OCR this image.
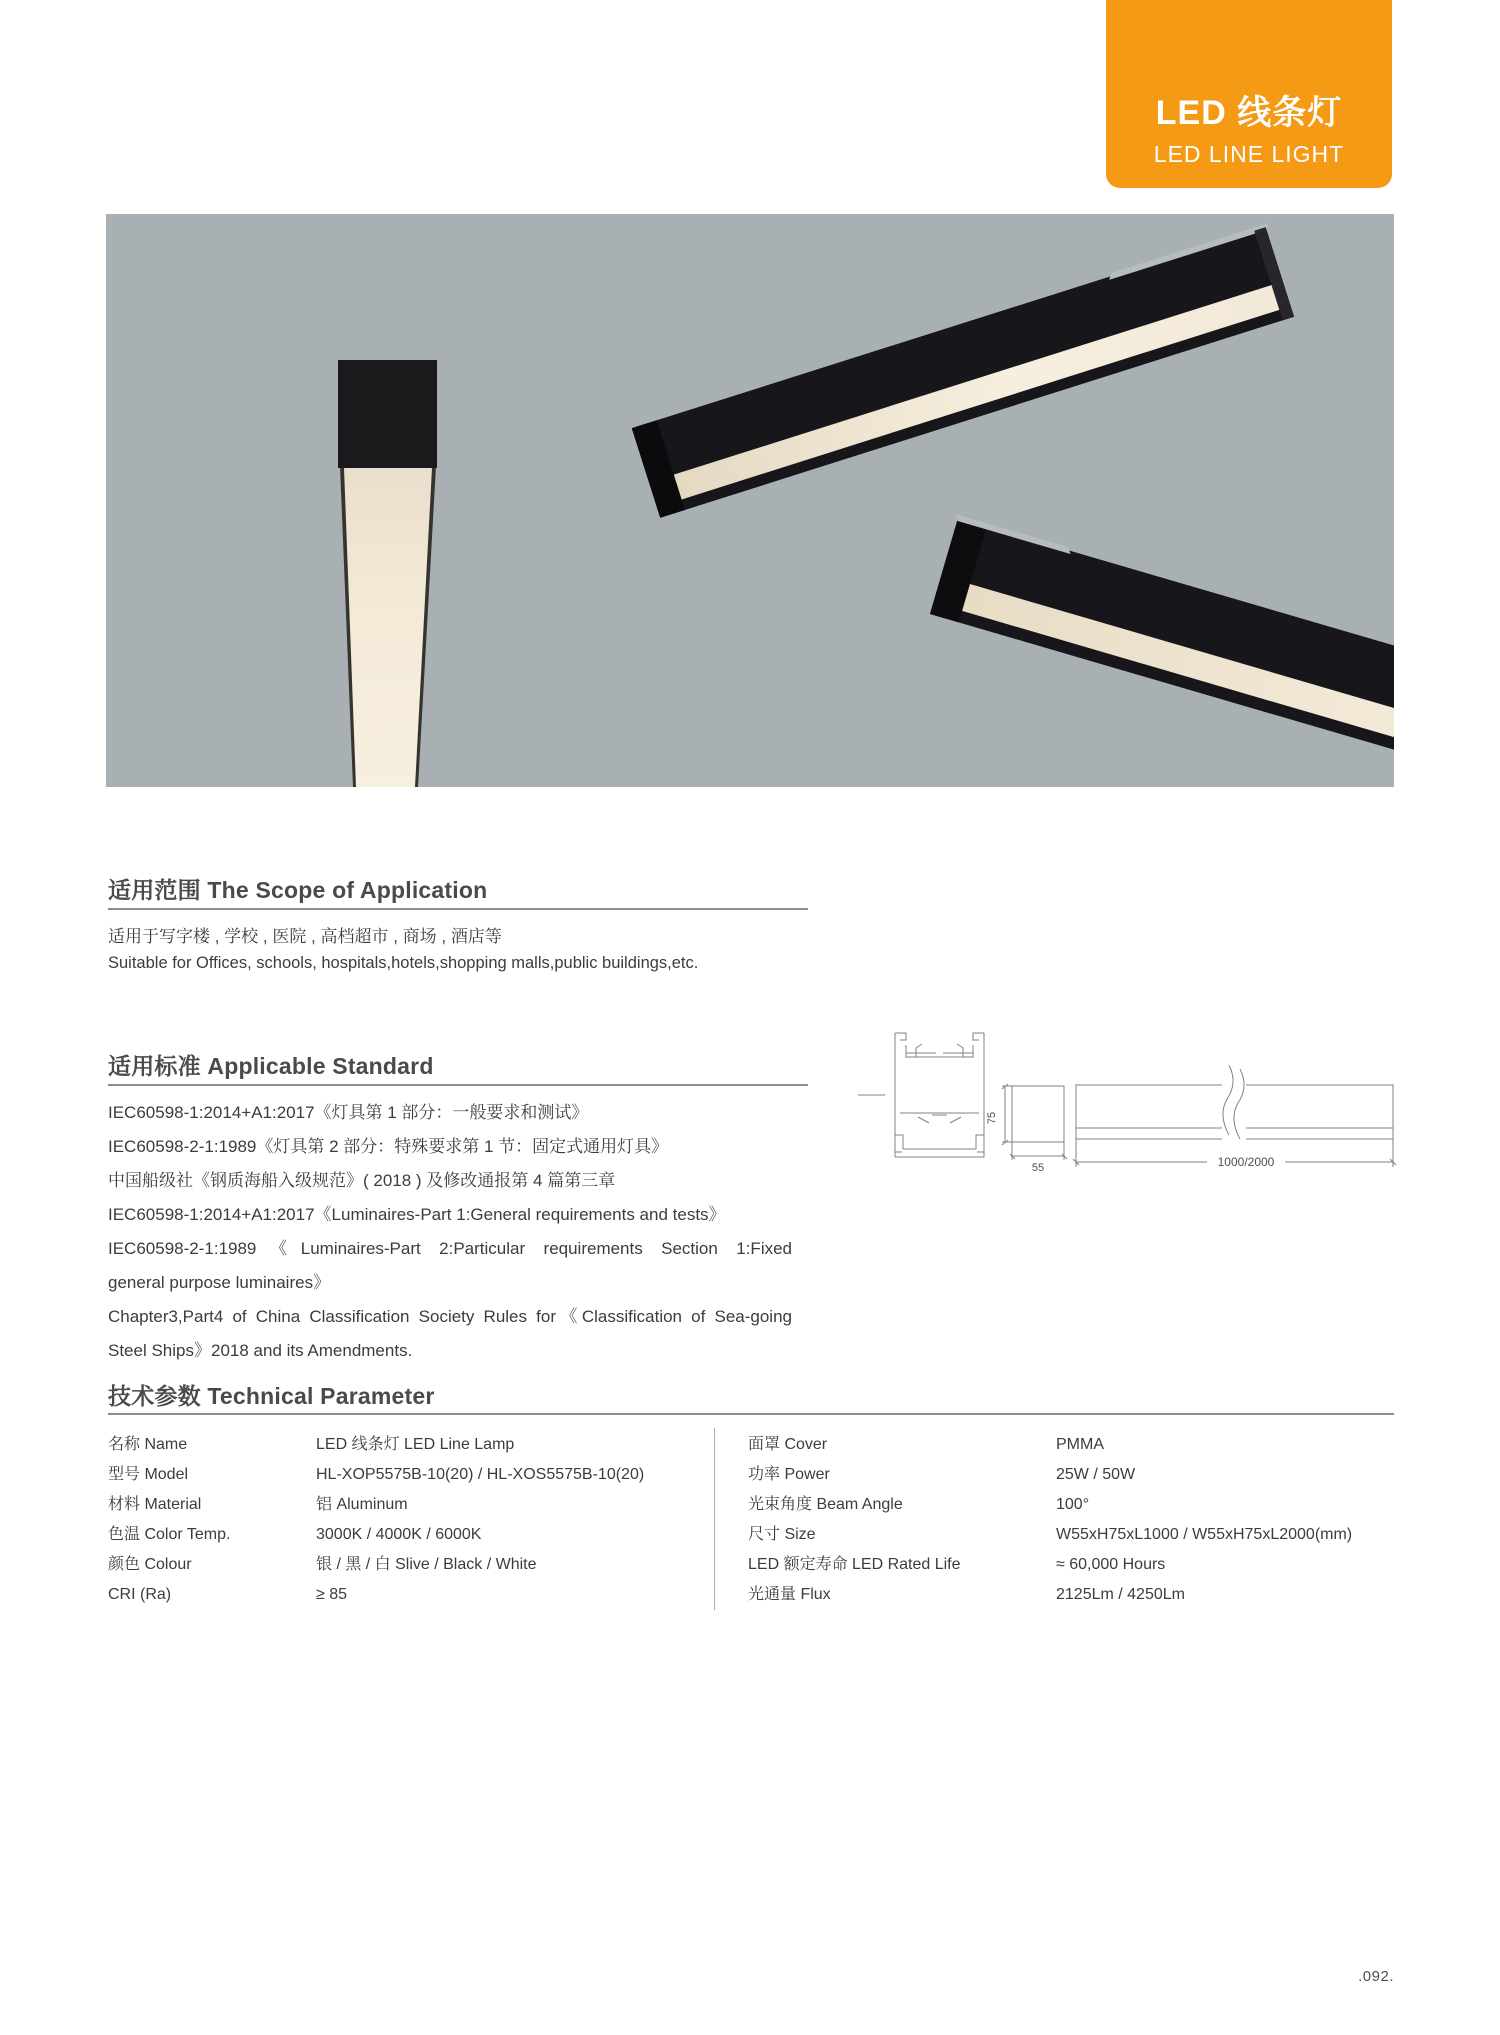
LED 线条灯
LED LINE LIGHT
适用范围 The Scope of Application
适用于写字楼 , 学校 , 医院 , 高档超市 , 商场 , 酒店等
Suitable for Offices, schools, hospitals,hotels,shopping malls,public buildings,etc.
适用标准 Applicable Standard
IEC60598-1:2014+A1:2017《灯具第 1 部分：一般要求和测试》
IEC60598-2-1:1989《灯具第 2 部分：特殊要求第 1 节：固定式通用灯具》
中国船级社《钢质海船入级规范》( 2018 ) 及修改通报第 4 篇第三章
IEC60598-1:2014+A1:2017《Luminaires-Part 1:General requirements and tests》
IEC60598-2-1:1989《Luminaires-Part 2:Particular requirements Section 1:Fixed
general purpose luminaires》
Chapter3,Part4 of China Classification Society Rules for《Classification of Sea-going
Steel Ships》2018 and its Amendments.
75
55	1000/2000
技术参数 Technical Parameter
名称 Name	LED 线条灯 LED Line Lamp
型号 Model	HL-XOP5575B-10(20) / HL-XOS5575B-10(20)
材料 Material	铝 Aluminum
色温 Color Temp.	3000K / 4000K / 6000K
颜色 Colour	银 / 黑 / 白 Slive / Black / White
CRI (Ra)	≥ 85
面罩 Cover	PMMA
功率 Power	25W / 50W
光束角度 Beam Angle	100°
尺寸 Size	W55xH75xL1000 / W55xH75xL2000(mm)
LED 额定寿命 LED Rated Life	≈ 60,000 Hours
光通量 Flux	2125Lm / 4250Lm
.092.
